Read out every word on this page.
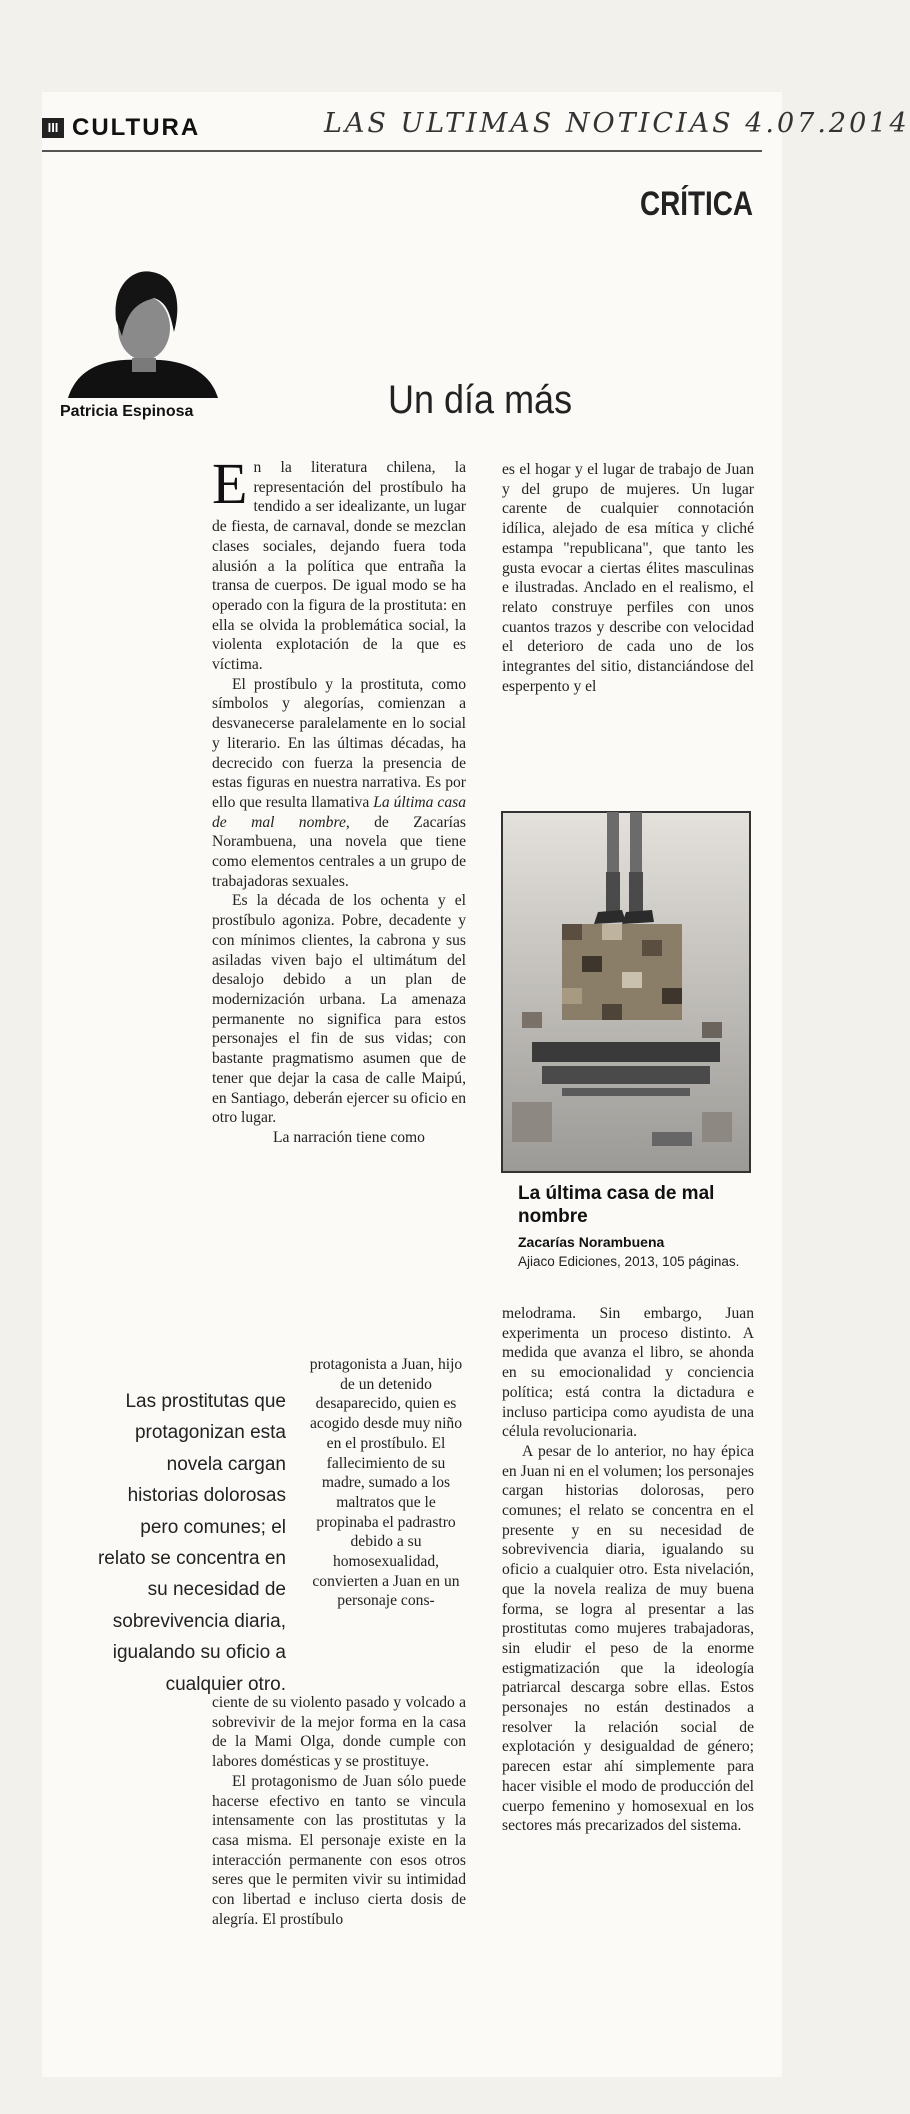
III CULTURA	LAS ULTIMAS NOTICIAS 4.07.2014
CRÍTICA
Patricia Espinosa	Un día más

En la literatura chilena, la representación del prostíbulo ha tendido a ser idealizante, un lugar de fiesta, de carnaval, donde se mezclan clases sociales, dejando fuera toda alusión a la política que entraña la transa de cuerpos. De igual modo se ha operado con la figura de la prostituta: en ella se olvida la problemática social, la violenta explotación de la que es víctima.

El prostíbulo y la prostituta, como símbolos y alegorías, comienzan a desvanecerse paralelamente en lo social y literario. En las últimas décadas, ha decrecido con fuerza la presencia de estas figuras en nuestra narrativa. Es por ello que resulta llamativa La última casa de mal nombre, de Zacarías Norambuena, una novela que tiene como elementos centrales a un grupo de trabajadoras sexuales.

Es la década de los ochenta y el prostíbulo agoniza. Pobre, decadente y con mínimos clientes, la cabrona y sus asiladas viven bajo el ultimátum del desalojo debido a un plan de modernización urbana. La amenaza permanente no significa para estos personajes el fin de sus vidas; con bastante pragmatismo asumen que de tener que dejar la casa de calle Maipú, en Santiago, deberán ejercer su oficio en otro lugar.

La narración tiene como

Las prostitutas que protagonizan esta novela cargan historias dolorosas pero comunes; el relato se concentra en su necesidad de sobrevivencia diaria, igualando su oficio a cualquier otro.

protagonista a Juan, hijo de un detenido desaparecido, quien es acogido desde muy niño en el prostíbulo. El fallecimiento de su madre, sumado a los maltratos que le propinaba el padrastro debido a su homosexualidad, convierten a Juan en un personaje cons-

ciente de su violento pasado y volcado a sobrevivir de la mejor forma en la casa de la Mami Olga, donde cumple con labores domésticas y se prostituye.

El protagonismo de Juan sólo puede hacerse efectivo en tanto se vincula intensamente con las prostitutas y la casa misma. El personaje existe en la interacción permanente con esos otros seres que le permiten vivir su intimidad con libertad e incluso cierta dosis de alegría. El prostíbulo

es el hogar y el lugar de trabajo de Juan y del grupo de mujeres. Un lugar carente de cualquier connotación idílica, alejado de esa mítica y cliché estampa "republicana", que tanto les gusta evocar a ciertas élites masculinas e ilustradas. Anclado en el realismo, el relato construye perfiles con unos cuantos trazos y describe con velocidad el deterioro de cada uno de los integrantes del sitio, distanciándose del esperpento y el

La última casa de mal nombre
Zacarías Norambuena
Ajiaco Ediciones, 2013, 105 páginas.

melodrama. Sin embargo, Juan experimenta un proceso distinto. A medida que avanza el libro, se ahonda en su emocionalidad y conciencia política; está contra la dictadura e incluso participa como ayudista de una célula revolucionaria.

A pesar de lo anterior, no hay épica en Juan ni en el volumen; los personajes cargan historias dolorosas, pero comunes; el relato se concentra en el presente y en su necesidad de sobrevivencia diaria, igualando su oficio a cualquier otro. Esta nivelación, que la novela realiza de muy buena forma, se logra al presentar a las prostitutas como mujeres trabajadoras, sin eludir el peso de la enorme estigmatización que la ideología patriarcal descarga sobre ellas. Estos personajes no están destinados a resolver la relación social de explotación y desigualdad de género; parecen estar ahí simplemente para hacer visible el modo de producción del cuerpo femenino y homosexual en los sectores más precarizados del sistema.
